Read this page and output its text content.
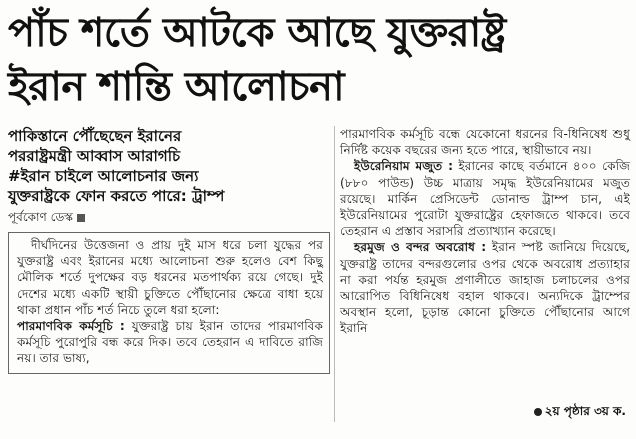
পাঁচ শর্তে আটকে আছে যুক্তরাষ্ট্র
ইরান শান্তি আলোচনা
পাকিস্তানে পৌঁছেছেন ইরানের
পররাষ্ট্রমন্ত্রী আব্বাস আরাগচি
#ইরান চাইলে আলোচনার জন্য
যুক্তরাষ্ট্রকে ফোন করতে পারে: ট্রাম্প
পূর্বকোণ ডেস্ক

দীর্ঘদিনের উত্তেজনা ও প্রায় দুই মাস ধরে চলা যুদ্ধের পর যুক্তরাষ্ট্র এবং ইরানের মধ্যে আলোচনা শুরু হলেও বেশ কিছু মৌলিক শর্তে দুপক্ষের বড় ধরনের মতপার্থক্য রয়ে গেছে। দুই দেশের মধ্যে একটি স্থায়ী চুক্তিতে পৌঁছানোর ক্ষেত্রে বাধা হয়ে থাকা প্রধান পাঁচ শর্ত নিচে তুলে ধরা হলো:

পারমাণবিক কর্মসূচি : যুক্তরাষ্ট্র চায় ইরান তাদের পারমাণবিক কর্মসূচি পুরোপুরি বন্ধ করে দিক। তবে তেহরান এ দাবিতে রাজি নয়। তার ভাষ্য,

পারমাণবিক কর্মসূচি বন্ধে যেকোনো ধরনের বি-ধিনিষেধ শুধু নির্দিষ্ট কয়েক বছরের জন্য হতে পারে, স্থায়ীভাবে নয়।

ইউরেনিয়াম মজুত : ইরানের কাছে বর্তমানে ৪০০ কেজি (৮৮০ পাউন্ড) উচ্চ মাত্রায় সমৃদ্ধ ইউরেনিয়ামের মজুত রয়েছে। মার্কিন প্রেসিডেন্ট ডোনাল্ড ট্রাম্প চান, এই ইউরেনিয়ামের পুরোটা যুক্তরাষ্ট্রের হেফাজতে থাকবে। তবে তেহরান এ প্রস্তাব সরাসরি প্রত্যাখ্যান করেছে।

হরমুজ ও বন্দর অবরোধ : ইরান স্পষ্ট জানিয়ে দিয়েছে, যুক্তরাষ্ট্র তাদের বন্দরগুলোর ওপর থেকে অবরোধ প্রত্যাহার না করা পর্যন্ত হরমুজ প্রণালীতে জাহাজ চলাচলের ওপর আরোপিত বিধিনিষেধ বহাল থাকবে। অন্যদিকে ট্রাম্পের অবস্থান হলো, চূড়ান্ত কোনো চুক্তিতে পৌঁছানোর আগে ইরানি

২য় পৃষ্ঠার ৩য় ক.
